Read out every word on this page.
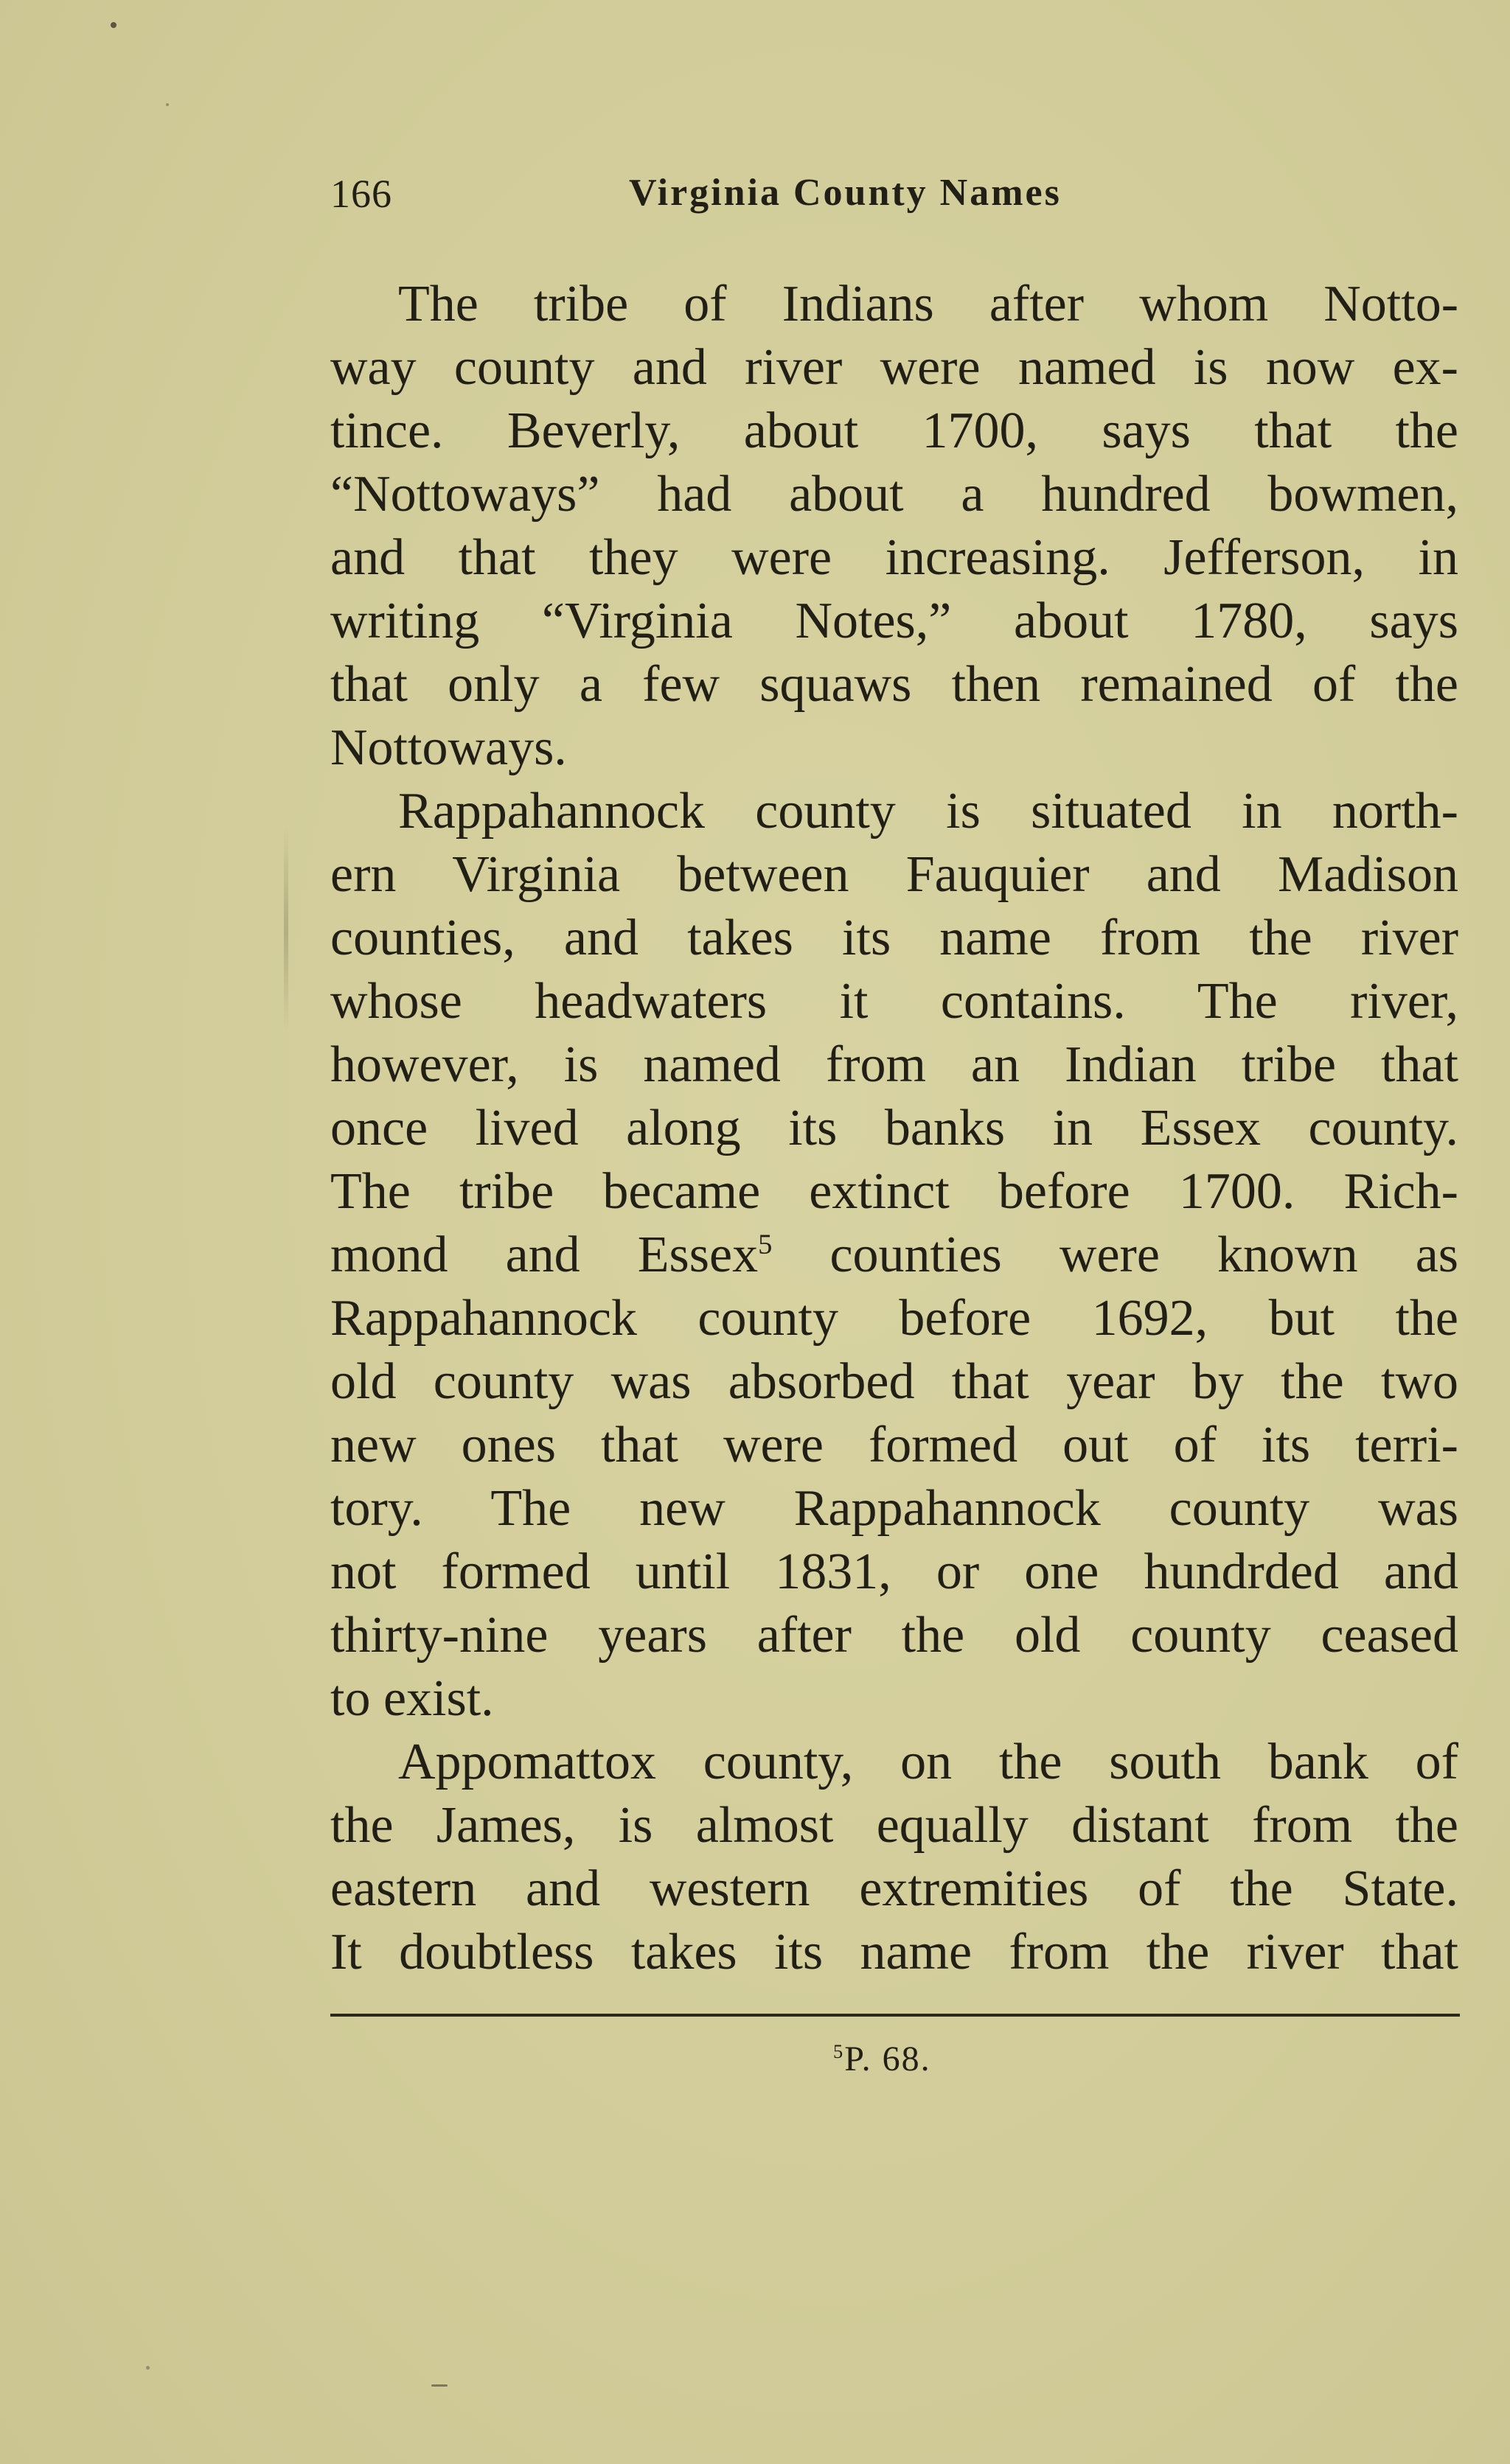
166	Virginia County Names
The tribe of Indians after whom Notto-
way county and river were named is now ex-
tince. Beverly, about 1700, says that the
“Nottoways” had about a hundred bowmen,
and that they were increasing. Jefferson, in
writing “Virginia Notes,” about 1780, says
that only a few squaws then remained of the
Nottoways.
Rappahannock county is situated in north-
ern Virginia between Fauquier and Madison
counties, and takes its name from the river
whose headwaters it contains. The river,
however, is named from an Indian tribe that
once lived along its banks in Essex county.
The tribe became extinct before 1700. Rich-
mond and Essex$^5$ counties were known as
Rappahannock county before 1692, but the
old county was absorbed that year by the two
new ones that were formed out of its terri-
tory. The new Rappahannock county was
not formed until 1831, or one hundrded and
thirty-nine years after the old county ceased
to exist.
Appomattox county, on the south bank of
the James, is almost equally distant from the
eastern and western extremities of the State.
It doubtless takes its name from the river that
$^5$P. 68.
